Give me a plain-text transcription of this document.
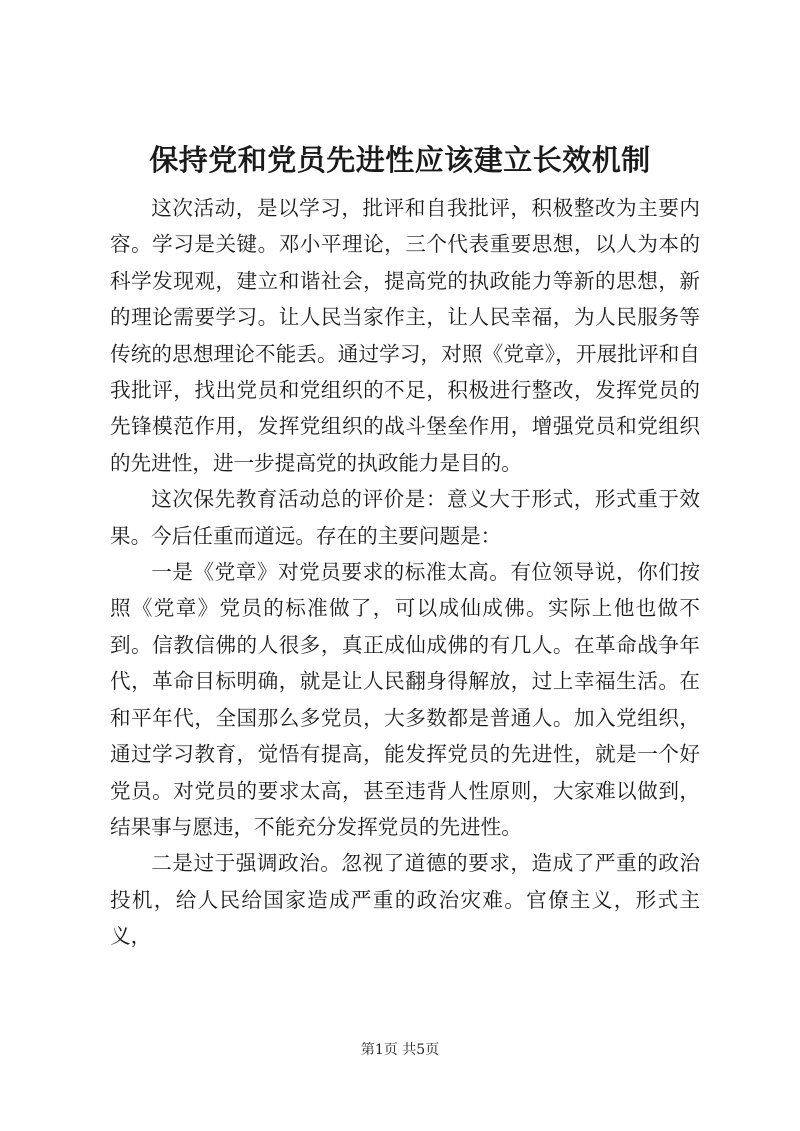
保持党和党员先进性应该建立长效机制

这次活动，是以学习，批评和自我批评，积极整改为主要内容。学习是关键。邓小平理论，三个代表重要思想，以人为本的科学发现观，建立和谐社会，提高党的执政能力等新的思想，新的理论需要学习。让人民当家作主，让人民幸福，为人民服务等传统的思想理论不能丢。通过学习，对照《党章》，开展批评和自我批评，找出党员和党组织的不足，积极进行整改，发挥党员的先锋模范作用，发挥党组织的战斗堡垒作用，增强党员和党组织的先进性，进一步提高党的执政能力是目的。

这次保先教育活动总的评价是：意义大于形式，形式重于效果。今后任重而道远。存在的主要问题是：

一是《党章》对党员要求的标准太高。有位领导说，你们按照《党章》党员的标准做了，可以成仙成佛。实际上他也做不到。信教信佛的人很多，真正成仙成佛的有几人。在革命战争年代，革命目标明确，就是让人民翻身得解放，过上幸福生活。在和平年代，全国那么多党员，大多数都是普通人。加入党组织，通过学习教育，觉悟有提高，能发挥党员的先进性，就是一个好党员。对党员的要求太高，甚至违背人性原则，大家难以做到，结果事与愿违，不能充分发挥党员的先进性。

二是过于强调政治。忽视了道德的要求，造成了严重的政治投机，给人民给国家造成严重的政治灾难。官僚主义，形式主义，

第1页 共5页
